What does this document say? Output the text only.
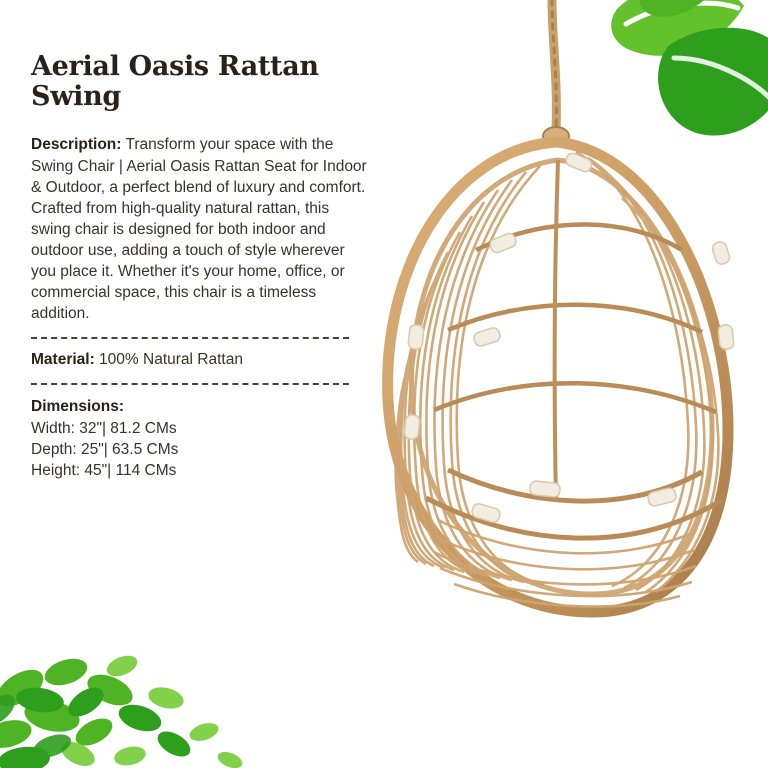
Aerial Oasis Rattan Swing

Description: Transform your space with the Swing Chair | Aerial Oasis Rattan Seat for Indoor & Outdoor, a perfect blend of luxury and comfort. Crafted from high-quality natural rattan, this swing chair is designed for both indoor and outdoor use, adding a touch of style wherever you place it. Whether it's your home, office, or commercial space, this chair is a timeless addition.

Material: 100% Natural Rattan
Dimensions:
Width: 32"| 81.2 CMs
Depth: 25"| 63.5 CMs
Height: 45"| 114 CMs
